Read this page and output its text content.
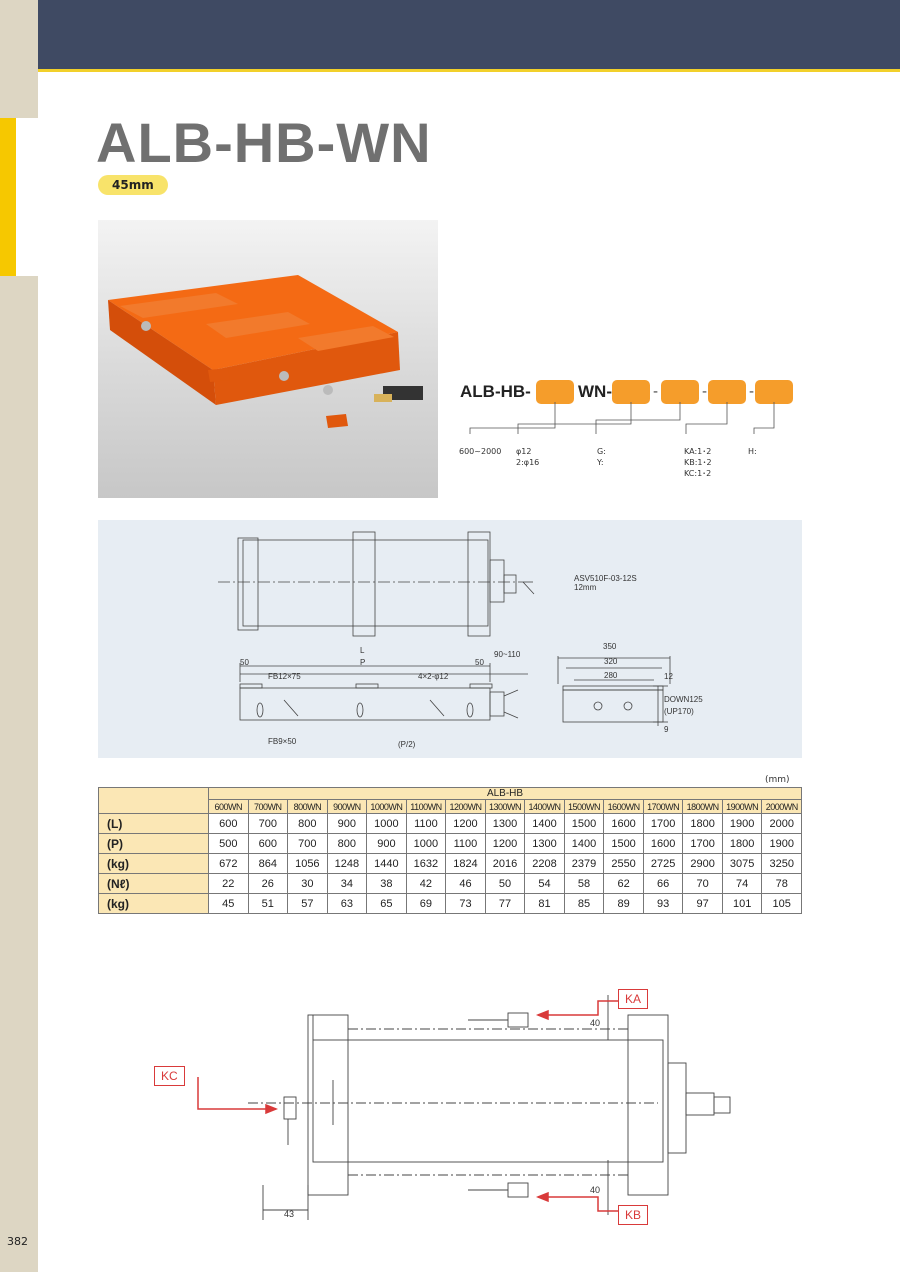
382
ALB-HB-WN
45mm
ALB-HB-	WN-	-	-	-
600~2000 φ12
2:φ16
G:
Y:
KA:1･2
KB:1･2
KC:1･2
H:
ASV510F-03-12S
12mm
L
P
50	50
90~110
FB12×75	4×2-φ12
FB9×50	(P/2)
350
320
280	12
DOWN125
(UP170)
9
(mm)
	ALB-HB														
	600WN	700WN	800WN	900WN	1000WN	1100WN	1200WN	1300WN	1400WN	1500WN	1600WN	1700WN	1800WN	1900WN	2000WN
(L)	600	700	800	900	1000	1100	1200	1300	1400	1500	1600	1700	1800	1900	2000
(P)	500	600	700	800	900	1000	1100	1200	1300	1400	1500	1600	1700	1800	1900
(kg)	672	864	1056	1248	1440	1632	1824	2016	2208	2379	2550	2725	2900	3075	3250
(Nℓ)	22	26	30	34	38	42	46	50	54	58	62	66	70	74	78
(kg)	45	51	57	63	65	69	73	77	81	85	89	93	97	101	105
KA
KC
KB
40
40
43
